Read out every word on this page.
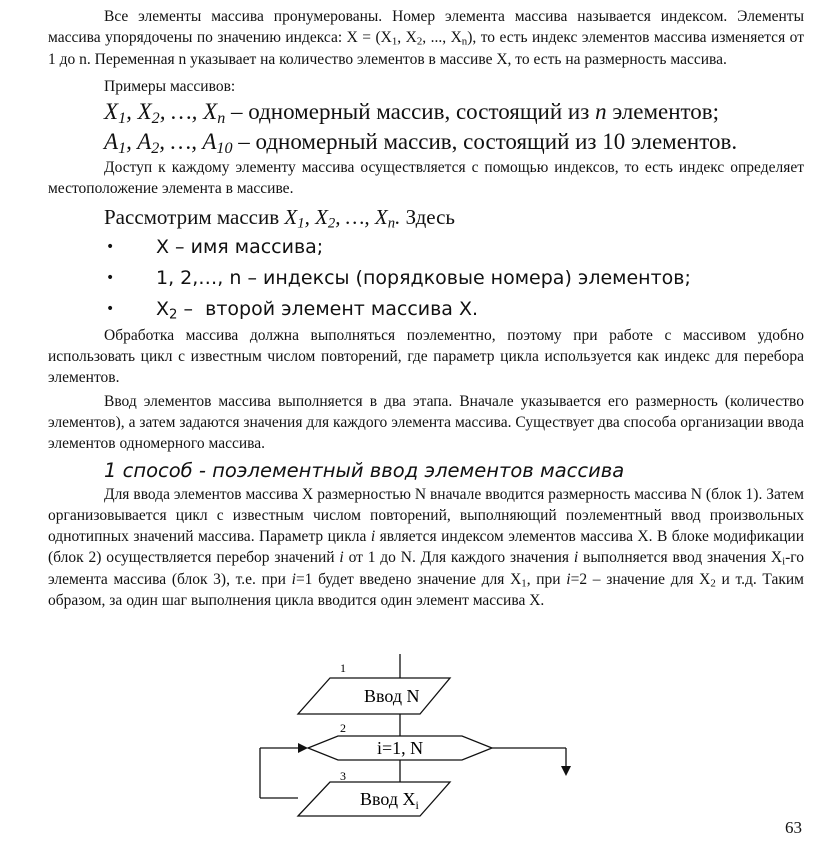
Все элементы массива пронумерованы. Номер элемента массива называется индексом. Элементы массива упорядочены по значению индекса: $X = (X_1$, $X_2$, ..., $X_n$), то есть индекс элементов массива изменяется от 1 до n. Переменная n указывает на количество элементов в массиве X, то есть на размерность массива.

Примеры массивов:

$X_1$, $X_2$, …, $X_n$ – одномерный массив, состоящий из n элементов;
$A_1$, $A_2$, …, $A_{10}$ – одномерный массив, состоящий из 10 элементов.

Доступ к каждому элементу массива осуществляется с помощью индексов, то есть индекс определяет местоположение элемента в массиве.

Рассмотрим массив $X_1$, $X_2$, …, $X_n$. Здесь
• X – имя массива;
• 1, 2,…, n – индексы (порядковые номера) элементов;
• $X_2$ –  второй элемент массива X.

Обработка массива должна выполняться поэлементно, поэтому при работе с массивом удобно использовать цикл с известным числом повторений, где параметр цикла используется как индекс для перебора элементов.

Ввод элементов массива выполняется в два этапа. Вначале указывается его размерность (количество элементов), а затем задаются значения для каждого элемента массива. Существует два способа организации ввода элементов одномерного массива.

1 способ - поэлементный ввод элементов массива

Для ввода элементов массива X размерностью N вначале вводится размерность массива N (блок 1). Затем организовывается цикл с известным числом повторений, выполняющий поэлементный ввод произвольных однотипных значений массива. Параметр цикла i является индексом элементов массива X. В блоке модификации (блок 2) осуществляется перебор значений i от 1 до N. Для каждого значения i выполняется ввод значения $X_i-го$ элемента массива (блок 3), т.е. при i=1 будет введено значение для $X_1$, при i=2 – значение для $X_2$ и т.д. Таким образом, за один шаг выполнения цикла вводится один элемент массива X.

1
Ввод N
2
i=1, N
3
Ввод $X_i$
63
